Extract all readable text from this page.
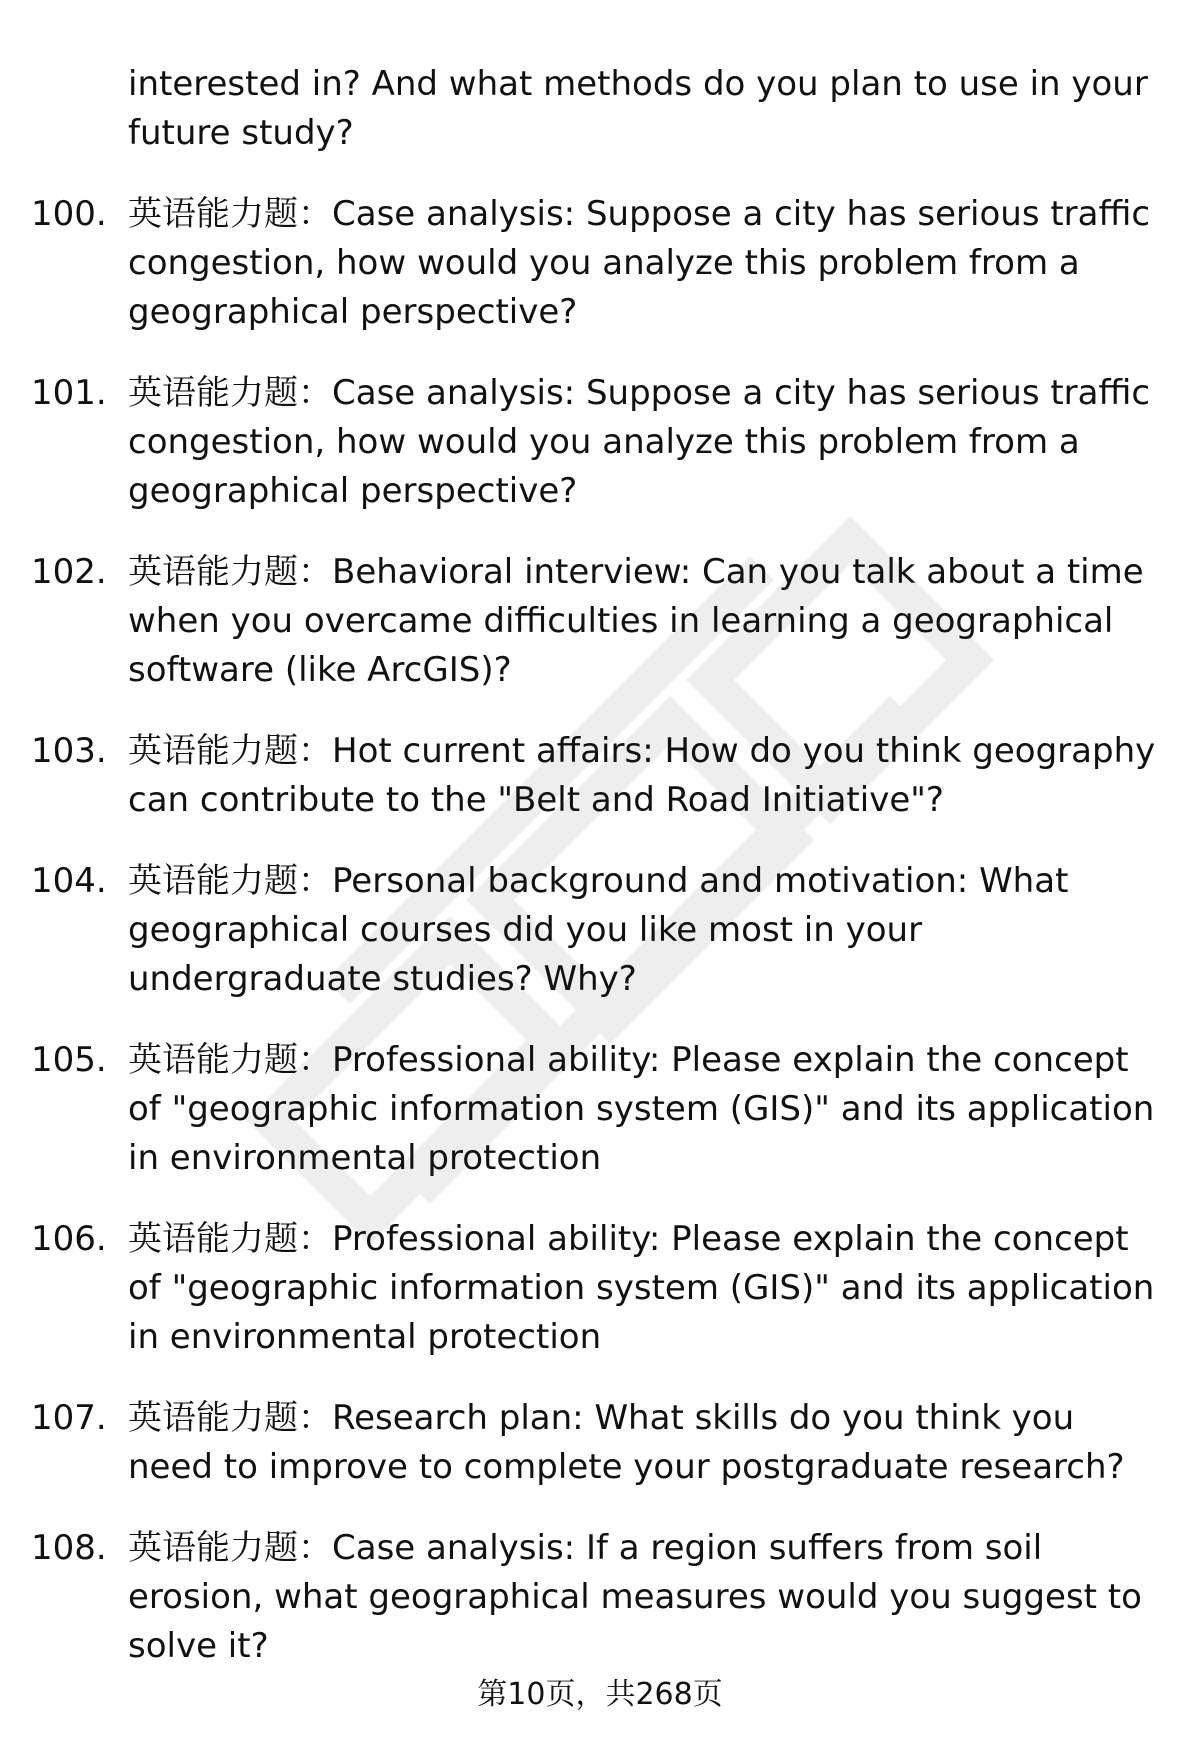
interested in? And what methods do you plan to use in your future study?
100. 英语能力题：Case analysis: Suppose a city has serious traffic congestion, how would you analyze this problem from a geographical perspective?
101. 英语能力题：Case analysis: Suppose a city has serious traffic congestion, how would you analyze this problem from a geographical perspective?
102. 英语能力题：Behavioral interview: Can you talk about a time when you overcame difficulties in learning a geographical software (like ArcGIS)?
103. 英语能力题：Hot current affairs: How do you think geography can contribute to the "Belt and Road Initiative"?
104. 英语能力题：Personal background and motivation: What geographical courses did you like most in your undergraduate studies? Why?
105. 英语能力题：Professional ability: Please explain the concept of "geographic information system (GIS)" and its application in environmental protection
106. 英语能力题：Professional ability: Please explain the concept of "geographic information system (GIS)" and its application in environmental protection
107. 英语能力题：Research plan: What skills do you think you need to improve to complete your postgraduate research?
108. 英语能力题：Case analysis: If a region suffers from soil erosion, what geographical measures would you suggest to solve it?
第10页，共268页
